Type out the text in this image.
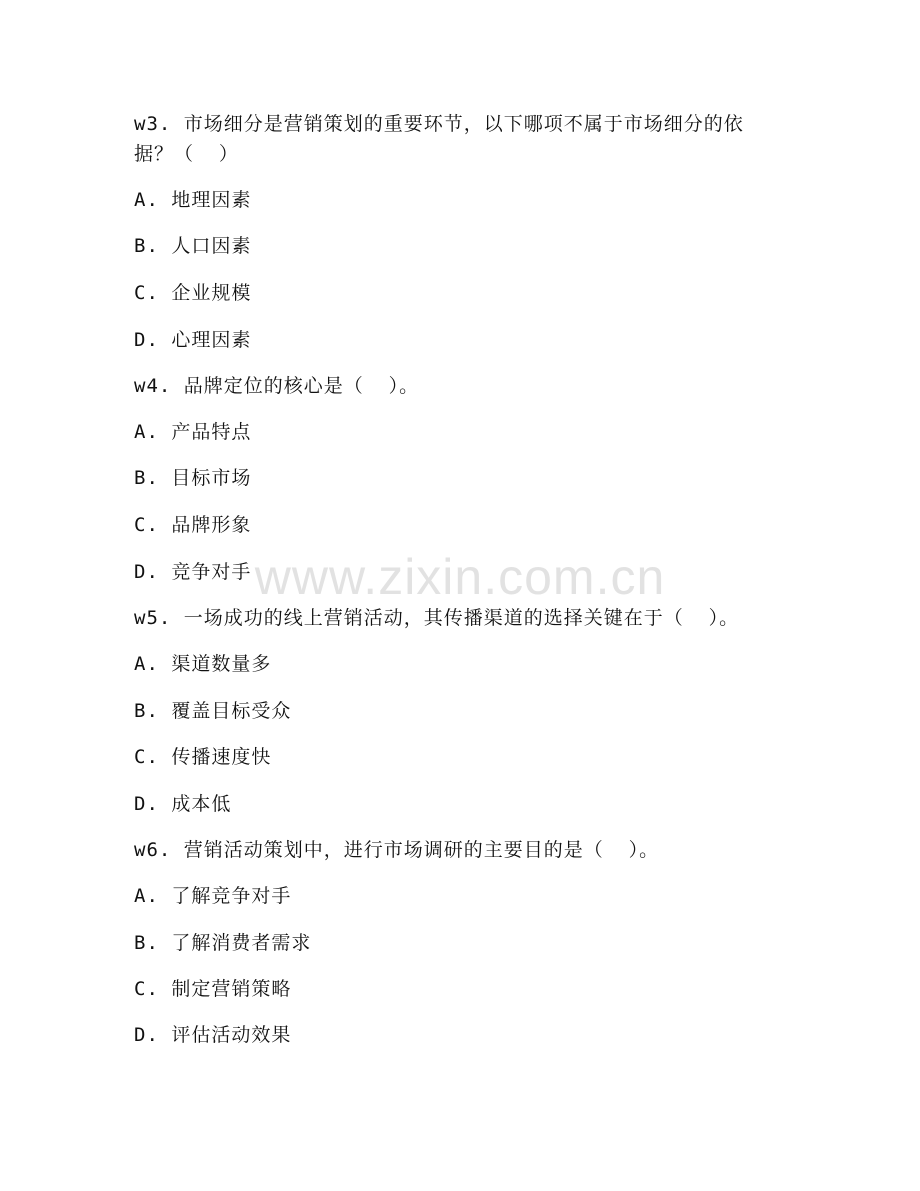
w3. 市场细分是营销策划的重要环节，以下哪项不属于市场细分的依
据？（  ）
A. 地理因素
B. 人口因素
C. 企业规模
D. 心理因素
w4. 品牌定位的核心是（  ）。
A. 产品特点
B. 目标市场
C. 品牌形象
D. 竞争对手
w5. 一场成功的线上营销活动，其传播渠道的选择关键在于（  ）。
A. 渠道数量多
B. 覆盖目标受众
C. 传播速度快
D. 成本低
w6. 营销活动策划中，进行市场调研的主要目的是（  ）。
A. 了解竞争对手
B. 了解消费者需求
C. 制定营销策略
D. 评估活动效果
www.zixin.com.cn
